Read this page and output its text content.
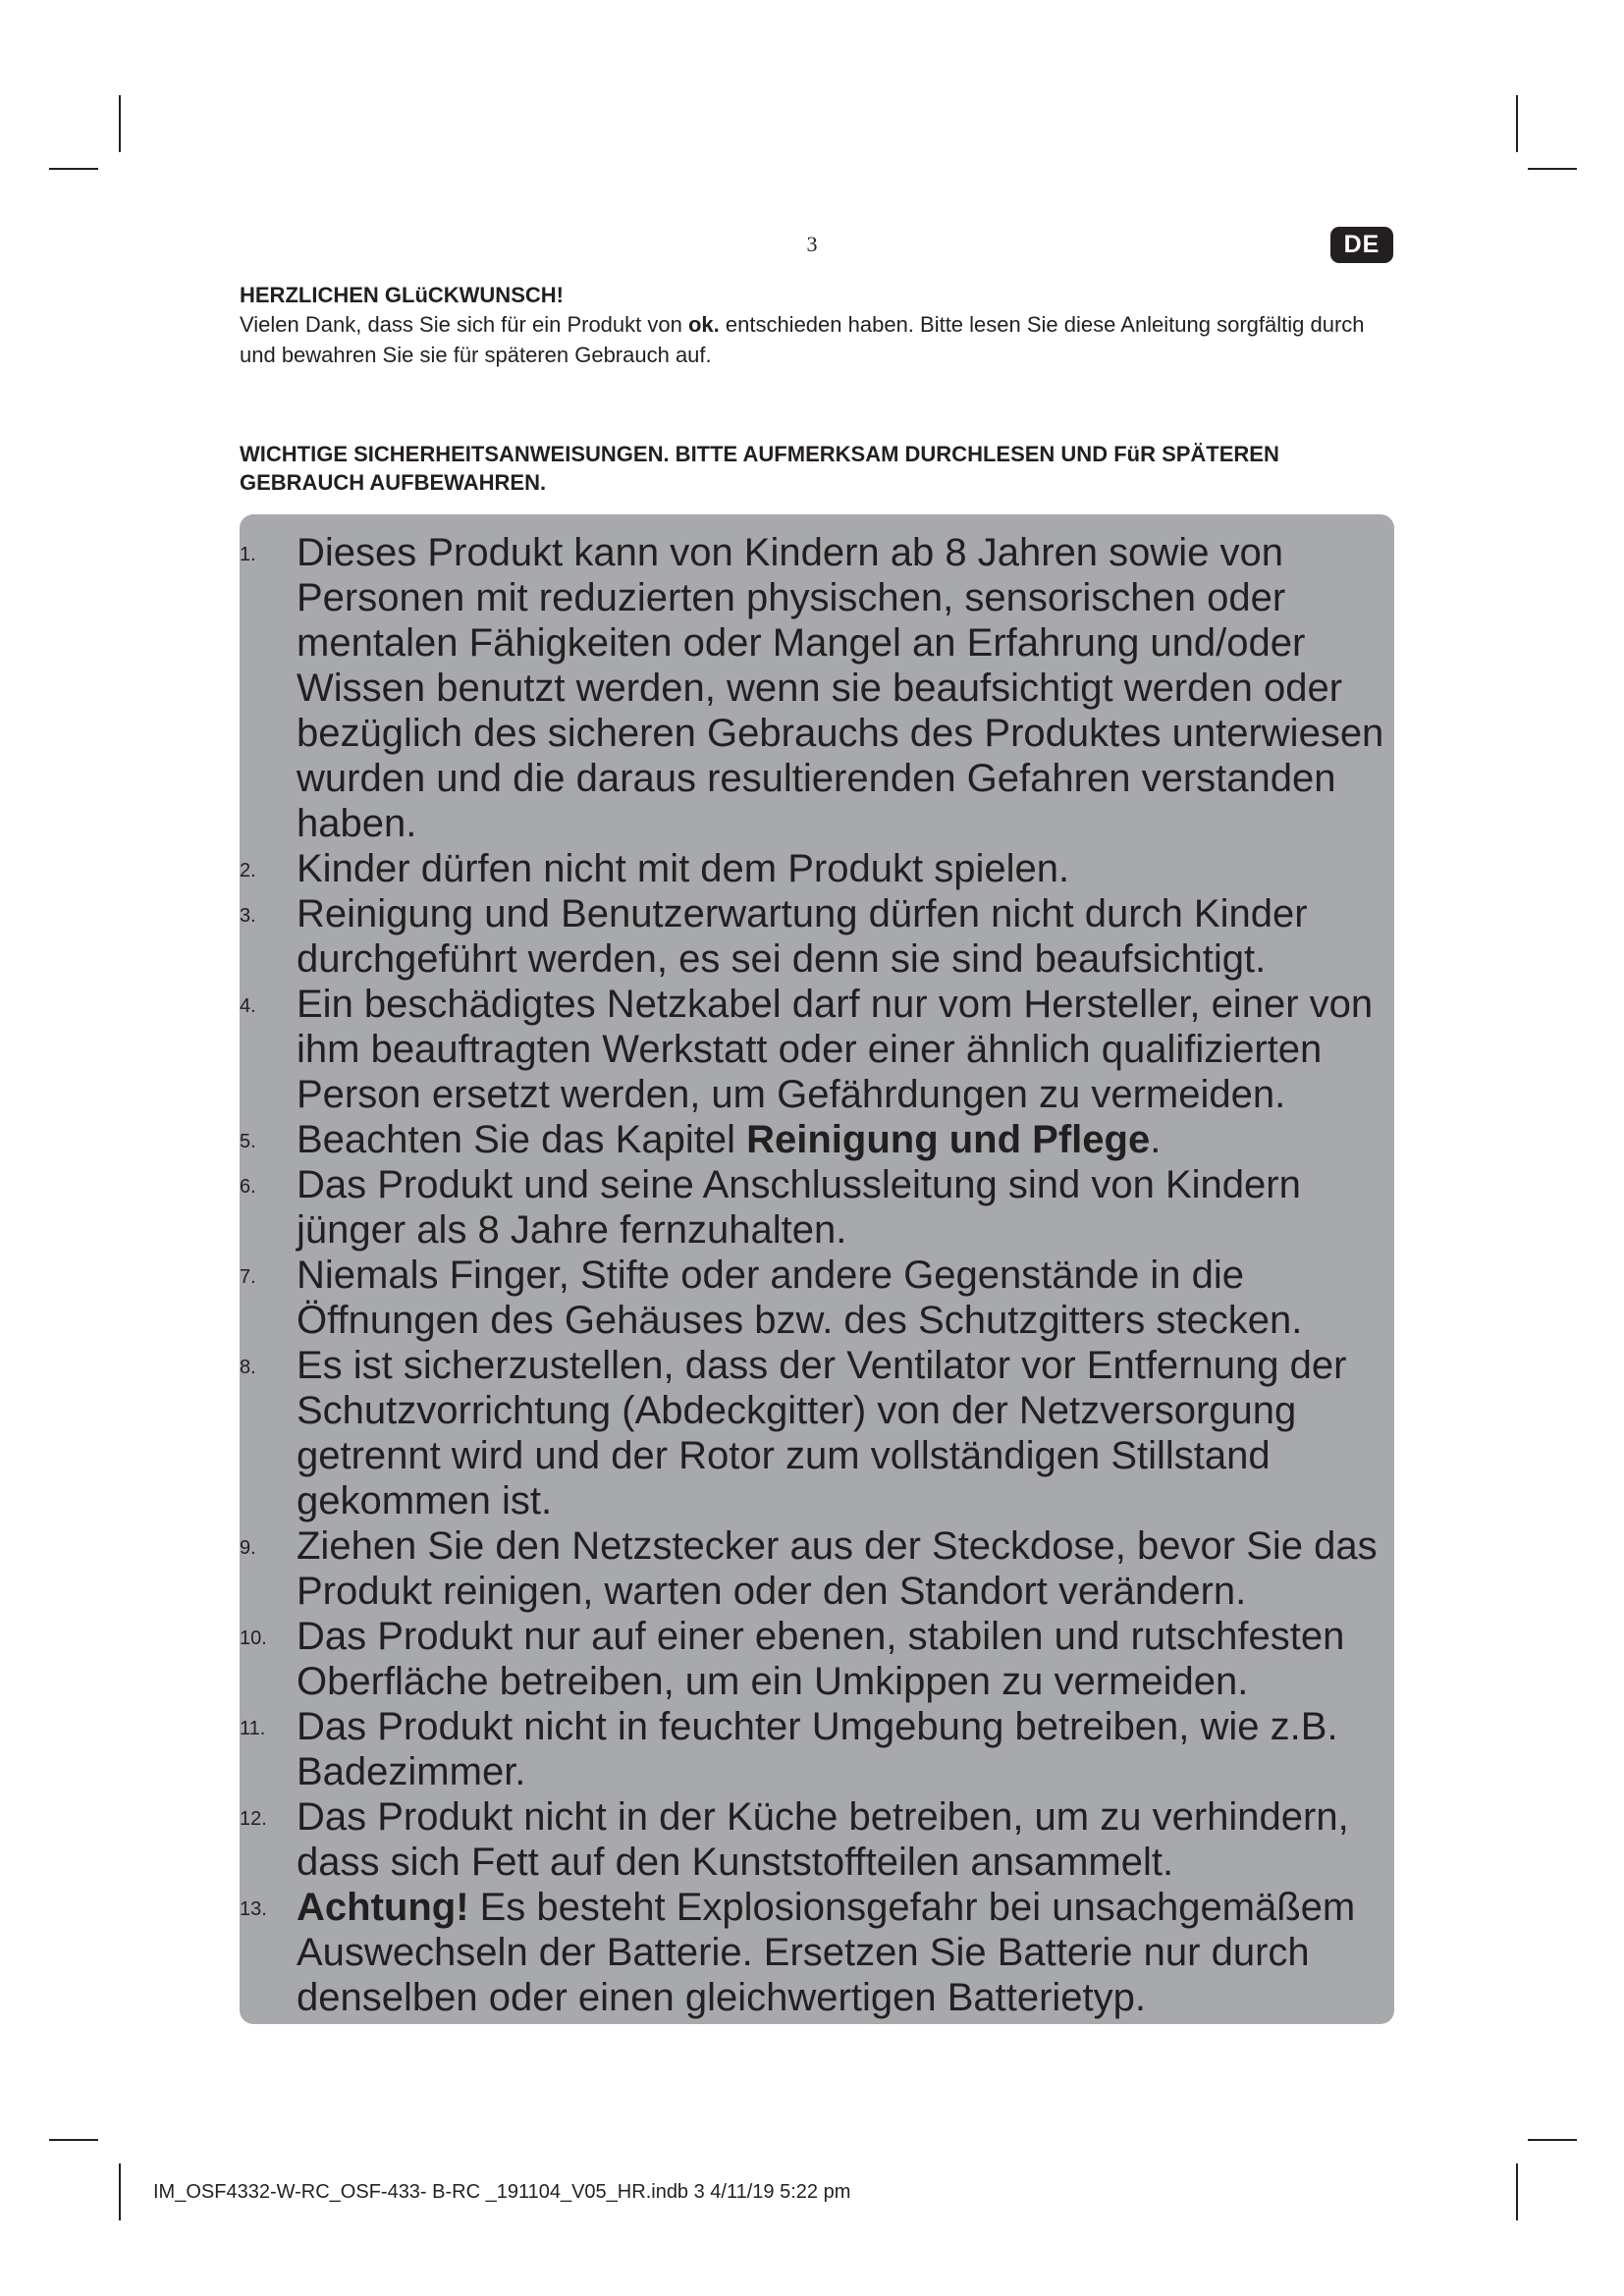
3	DE
HERZLICHEN GLüCKWUNSCH!
Vielen Dank, dass Sie sich für ein Produkt von ok. entschieden haben. Bitte lesen Sie diese Anleitung sorgfältig durch und bewahren Sie sie für späteren Gebrauch auf.
WICHTIGE SICHERHEITSANWEISUNGEN. BITTE AUFMERKSAM DURCHLESEN UND FüR SPÄTEREN GEBRAUCH AUFBEWAHREN.
1.	Dieses Produkt kann von Kindern ab 8 Jahren sowie von Personen mit reduzierten physischen, sensorischen oder mentalen Fähigkeiten oder Mangel an Erfahrung und/oder Wissen benutzt werden, wenn sie beaufsichtigt werden oder bezüglich des sicheren Gebrauchs des Produktes unterwiesen wurden und die daraus resultierenden Gefahren verstanden haben.
2.	Kinder dürfen nicht mit dem Produkt spielen.
3.	Reinigung und Benutzerwartung dürfen nicht durch Kinder durchgeführt werden, es sei denn sie sind beaufsichtigt.
4.	Ein beschädigtes Netzkabel darf nur vom Hersteller, einer von ihm beauftragten Werkstatt oder einer ähnlich qualifizierten Person ersetzt werden, um Gefährdungen zu vermeiden.
5.	Beachten Sie das Kapitel Reinigung und Pflege.
6.	Das Produkt und seine Anschlussleitung sind von Kindern jünger als 8 Jahre fernzuhalten.
7.	Niemals Finger, Stifte oder andere Gegenstände in die Öffnungen des Gehäuses bzw. des Schutzgitters stecken.
8.	Es ist sicherzustellen, dass der Ventilator vor Entfernung der Schutzvorrichtung (Abdeckgitter) von der Netzversorgung getrennt wird und der Rotor zum vollständigen Stillstand gekommen ist.
9.	Ziehen Sie den Netzstecker aus der Steckdose, bevor Sie das Produkt reinigen, warten oder den Standort verändern.
10. Das Produkt nur auf einer ebenen, stabilen und rutschfesten Oberfläche betreiben, um ein Umkippen zu vermeiden.
11. Das Produkt nicht in feuchter Umgebung betreiben, wie z.B. Badezimmer.
12. Das Produkt nicht in der Küche betreiben, um zu verhindern, dass sich Fett auf den Kunststoffteilen ansammelt.
13. Achtung! Es besteht Explosionsgefahr bei unsachgemäßem Auswechseln der Batterie. Ersetzen Sie Batterie nur durch denselben oder einen gleichwertigen Batterietyp.
IM_OSF4332-W-RC_OSF-433- B-RC _191104_V05_HR.indb 3 4/11/19 5:22 pm
